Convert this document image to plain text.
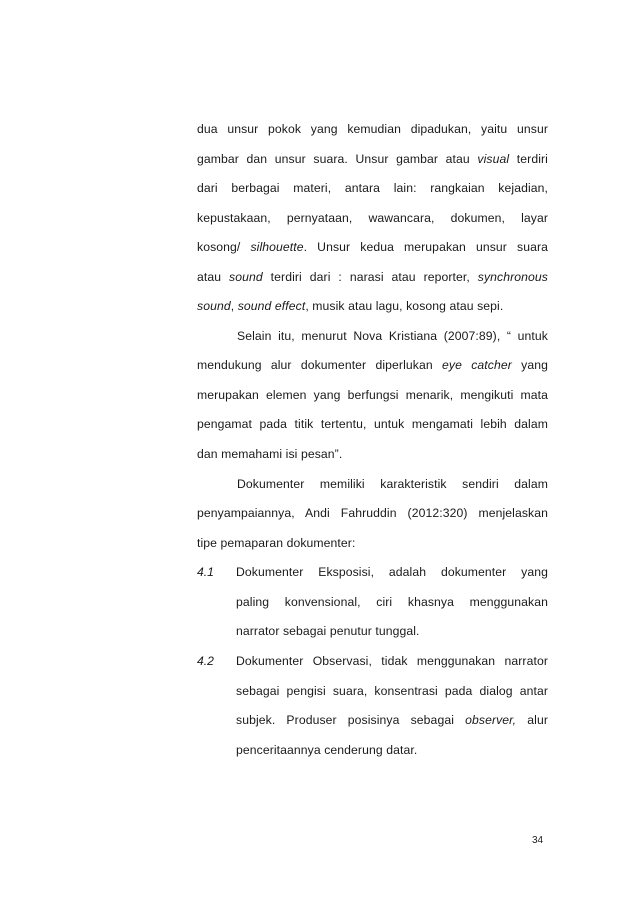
dua unsur pokok yang kemudian dipadukan, yaitu unsur
gambar dan unsur suara. Unsur gambar atau visual terdiri
dari berbagai materi, antara lain: rangkaian kejadian,
kepustakaan, pernyataan, wawancara, dokumen, layar
kosong/ silhouette. Unsur kedua merupakan unsur suara
atau sound terdiri dari : narasi atau reporter, synchronous
sound, sound effect, musik atau lagu, kosong atau sepi.
Selain itu, menurut Nova Kristiana (2007:89), “ untuk
mendukung alur dokumenter diperlukan eye catcher yang
merupakan elemen yang berfungsi menarik, mengikuti mata
pengamat pada titik tertentu, untuk mengamati lebih dalam
dan memahami isi pesan”.
Dokumenter memiliki karakteristik sendiri dalam
penyampaiannya, Andi Fahruddin (2012:320) menjelaskan
tipe pemaparan dokumenter:
4.1 Dokumenter Eksposisi, adalah dokumenter yang
paling konvensional, ciri khasnya menggunakan
narrator sebagai penutur tunggal.
4.2 Dokumenter Observasi, tidak menggunakan narrator
sebagai pengisi suara, konsentrasi pada dialog antar
subjek. Produser posisinya sebagai observer, alur
penceritaannya cenderung datar.
34
